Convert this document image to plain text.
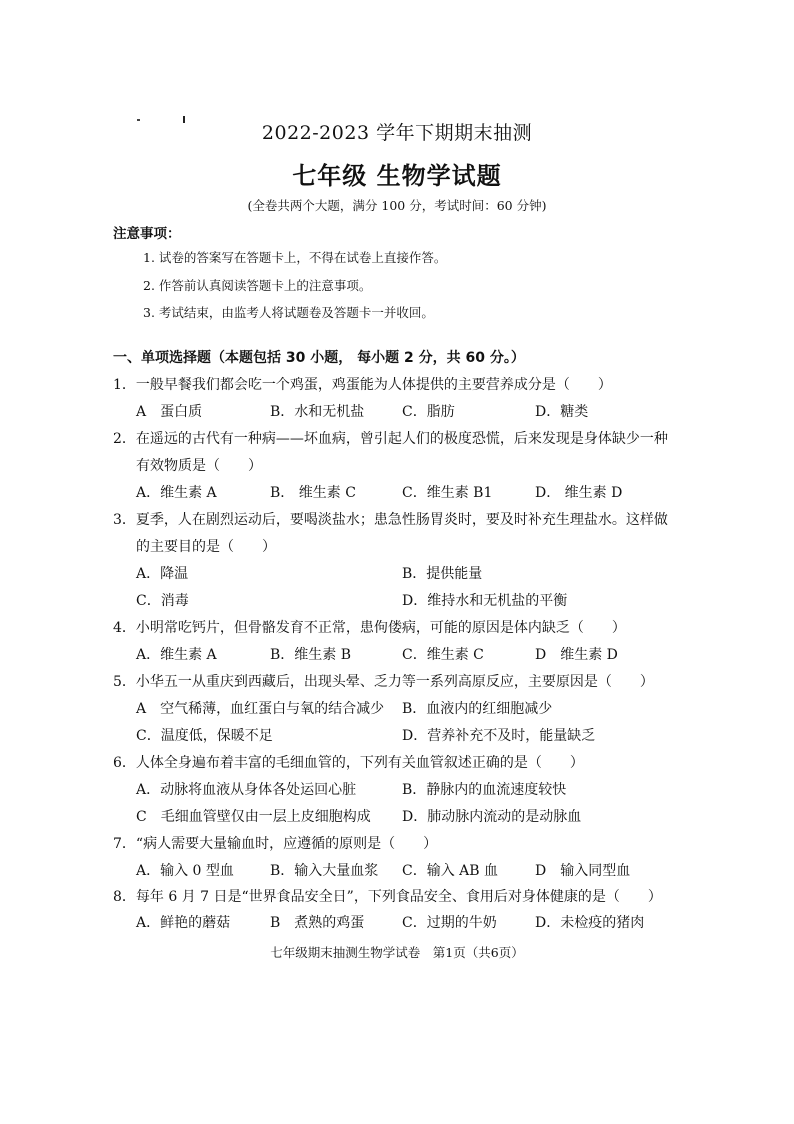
2022-2023 学年下期期末抽测
七年级 生物学试题
(全卷共两个大题，满分 100 分，考试时间：60 分钟)
注意事项：
1. 试卷的答案写在答题卡上，不得在试卷上直接作答。
2. 作答前认真阅读答题卡上的注意事项。
3. 考试结束，由监考人将试题卷及答题卡一并收回。
一、单项选择题（本题包括 30 小题， 每小题 2 分，共 60 分。）
1．一般早餐我们都会吃一个鸡蛋，鸡蛋能为人体提供的主要营养成分是（　　）
A　蛋白质	B．水和无机盐	C．脂肪	D．糖类
2．在遥远的古代有一种病——坏血病，曾引起人们的极度恐慌，后来发现是身体缺少一种
有效物质是（　　）
A．维生素 A	B． 维生素 C	C．维生素 B1	D． 维生素 D
3．夏季，人在剧烈运动后，要喝淡盐水；患急性肠胃炎时，要及时补充生理盐水。这样做
的主要目的是（　　）
A．降温	B．提供能量
C．消毒	D．维持水和无机盐的平衡
4．小明常吃钙片，但骨骼发育不正常，患佝偻病，可能的原因是体内缺乏（　　）
A．维生素 A	B．维生素 B	C．维生素 C	D　维生素 D
5．小华五一从重庆到西藏后，出现头晕、乏力等一系列高原反应，主要原因是（　　）
A　空气稀薄，血红蛋白与氧的结合减少 B．血液内的红细胞减少
C．温度低，保暖不足	D．营养补充不及时，能量缺乏
6．人体全身遍布着丰富的毛细血管的，下列有关血管叙述正确的是（　　）
A．动脉将血液从身体各处运回心脏	B．静脉内的血流速度较快
C　毛细血管壁仅由一层上皮细胞构成 D．肺动脉内流动的是动脉血
7．“病人需要大量输血时，应遵循的原则是（　　）
A．输入 0 型血	B．输入大量血浆 C．输入 AB 血	D　输入同型血
8．每年 6 月 7 日是“世界食品安全日”，下列食品安全、食用后对身体健康的是（　　）
A．鲜艳的蘑菇	B　煮熟的鸡蛋	C．过期的牛奶	D．未检疫的猪肉
七年级期末抽测生物学试卷　第1页（共6页）
